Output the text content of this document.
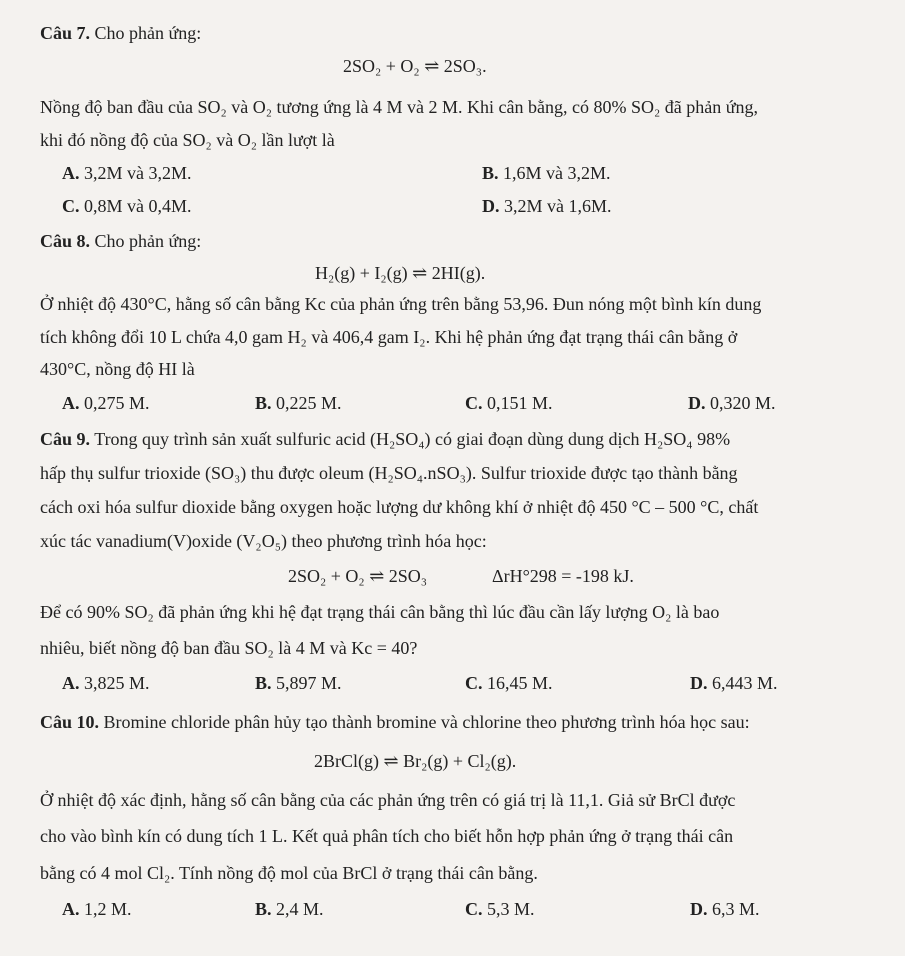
Câu 7. Cho phản ứng:
2SO₂ + O₂ ⇌ 2SO₃.
Nồng độ ban đầu của SO₂ và O₂ tương ứng là 4 M và 2 M. Khi cân bằng, có 80% SO₂ đã phản ứng,
khi đó nồng độ của SO₂ và O₂ lần lượt là
A. 3,2M và 3,2M.	B. 1,6M và 3,2M.
C. 0,8M và 0,4M.	D. 3,2M và 1,6M.
Câu 8. Cho phản ứng:
H₂(g) + I₂(g) ⇌ 2HI(g).
Ở nhiệt độ 430°C, hằng số cân bằng Kc của phản ứng trên bằng 53,96. Đun nóng một bình kín dung
tích không đổi 10 L chứa 4,0 gam H₂ và 406,4 gam I₂. Khi hệ phản ứng đạt trạng thái cân bằng ở
430°C, nồng độ HI là
A. 0,275 M.	B. 0,225 M.	C. 0,151 M.	D. 0,320 M.
Câu 9. Trong quy trình sản xuất sulfuric acid (H₂SO₄) có giai đoạn dùng dung dịch H₂SO₄ 98%
hấp thụ sulfur trioxide (SO₃) thu được oleum (H₂SO₄.nSO₃). Sulfur trioxide được tạo thành bằng
cách oxi hóa sulfur dioxide bằng oxygen hoặc lượng dư không khí ở nhiệt độ 450 °C – 500 °C, chất
xúc tác vanadium(V)oxide (V₂O₅) theo phương trình hóa học:
2SO₂ + O₂ ⇌ 2SO₃	ΔrH°298 = -198 kJ.
Để có 90% SO₂ đã phản ứng khi hệ đạt trạng thái cân bằng thì lúc đầu cần lấy lượng O₂ là bao
nhiêu, biết nồng độ ban đầu SO₂ là 4 M và Kc = 40?
A. 3,825 M.	B. 5,897 M.	C. 16,45 M.	D. 6,443 M.
Câu 10. Bromine chloride phân hủy tạo thành bromine và chlorine theo phương trình hóa học sau:
2BrCl(g) ⇌ Br₂(g) + Cl₂(g).
Ở nhiệt độ xác định, hằng số cân bằng của các phản ứng trên có giá trị là 11,1. Giả sử BrCl được
cho vào bình kín có dung tích 1 L. Kết quả phân tích cho biết hỗn hợp phản ứng ở trạng thái cân
bằng có 4 mol Cl₂. Tính nồng độ mol của BrCl ở trạng thái cân bằng.
A. 1,2 M.	B. 2,4 M.	C. 5,3 M.	D. 6,3 M.
